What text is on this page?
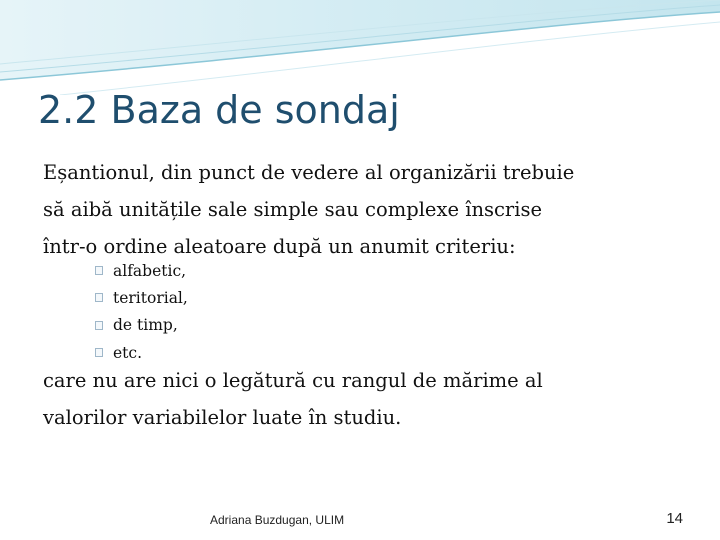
2.2 Baza de sondaj
Eșantionul, din punct de vedere al organizării trebuie
să aibă unitățile sale simple sau complexe înscrise
într-o ordine aleatoare după un anumit criteriu:
alfabetic,
teritorial,
de timp,
etc.
care nu are nici o legătură cu rangul de mărime al
valorilor variabilelor luate în studiu.
Adriana Buzdugan, ULIM	14
